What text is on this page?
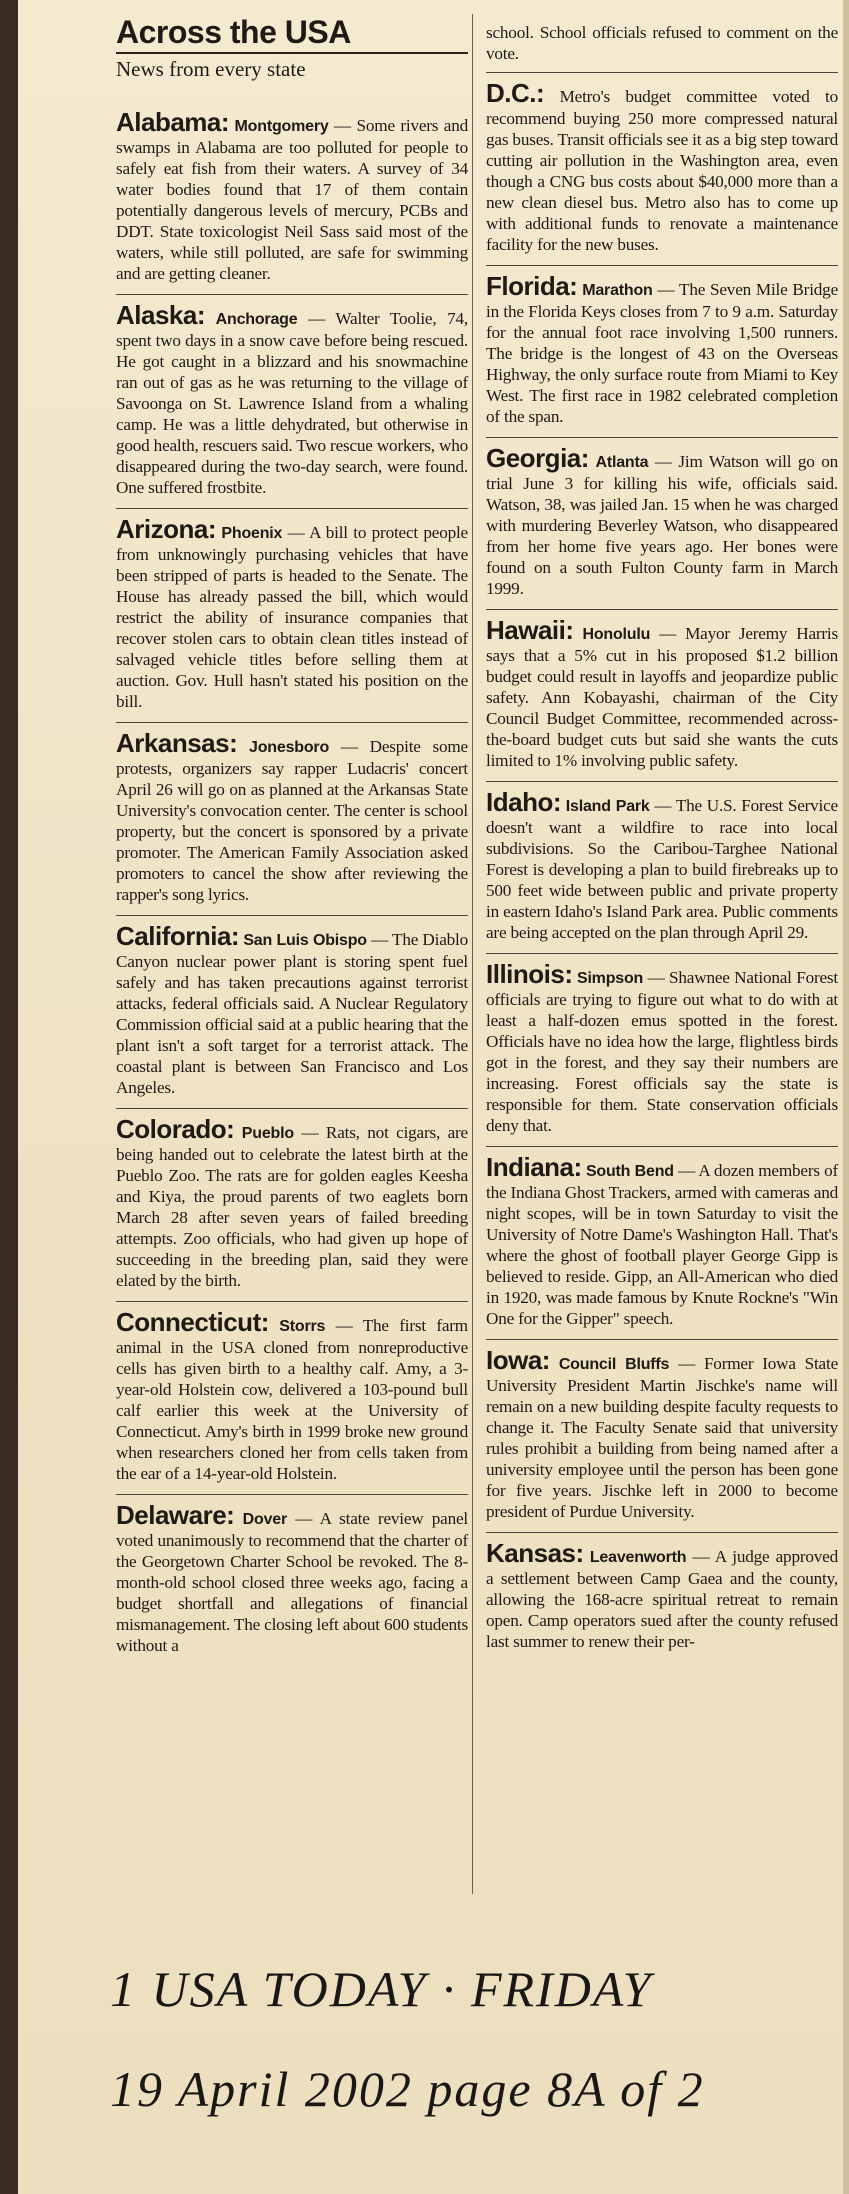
Across the USA
News from every state

Alabama: Montgomery — Some rivers and swamps in Alabama are too polluted for people to safely eat fish from their waters. A survey of 34 water bodies found that 17 of them contain potentially dangerous levels of mercury, PCBs and DDT. State toxicologist Neil Sass said most of the waters, while still polluted, are safe for swimming and are getting cleaner.

Alaska: Anchorage — Walter Toolie, 74, spent two days in a snow cave before being rescued. He got caught in a blizzard and his snowmachine ran out of gas as he was returning to the village of Savoonga on St. Lawrence Island from a whaling camp. He was a little dehydrated, but otherwise in good health, rescuers said. Two rescue workers, who disappeared during the two-day search, were found. One suffered frostbite.

Arizona: Phoenix — A bill to protect people from unknowingly purchasing vehicles that have been stripped of parts is headed to the Senate. The House has already passed the bill, which would restrict the ability of insurance companies that recover stolen cars to obtain clean titles instead of salvaged vehicle titles before selling them at auction. Gov. Hull hasn't stated his position on the bill.

Arkansas: Jonesboro — Despite some protests, organizers say rapper Ludacris' concert April 26 will go on as planned at the Arkansas State University's convocation center. The center is school property, but the concert is sponsored by a private promoter. The American Family Association asked promoters to cancel the show after reviewing the rapper's song lyrics.

California: San Luis Obispo — The Diablo Canyon nuclear power plant is storing spent fuel safely and has taken precautions against terrorist attacks, federal officials said. A Nuclear Regulatory Commission official said at a public hearing that the plant isn't a soft target for a terrorist attack. The coastal plant is between San Francisco and Los Angeles.

Colorado: Pueblo — Rats, not cigars, are being handed out to celebrate the latest birth at the Pueblo Zoo. The rats are for golden eagles Keesha and Kiya, the proud parents of two eaglets born March 28 after seven years of failed breeding attempts. Zoo officials, who had given up hope of succeeding in the breeding plan, said they were elated by the birth.

Connecticut: Storrs — The first farm animal in the USA cloned from nonreproductive cells has given birth to a healthy calf. Amy, a 3-year-old Holstein cow, delivered a 103-pound bull calf earlier this week at the University of Connecticut. Amy's birth in 1999 broke new ground when researchers cloned her from cells taken from the ear of a 14-year-old Holstein.

Delaware: Dover — A state review panel voted unanimously to recommend that the charter of the Georgetown Charter School be revoked. The 8-month-old school closed three weeks ago, facing a budget shortfall and allegations of financial mismanagement. The closing left about 600 students without a

school. School officials refused to comment on the vote.

D.C.: Metro's budget committee voted to recommend buying 250 more compressed natural gas buses. Transit officials see it as a big step toward cutting air pollution in the Washington area, even though a CNG bus costs about $40,000 more than a new clean diesel bus. Metro also has to come up with additional funds to renovate a maintenance facility for the new buses.

Florida: Marathon — The Seven Mile Bridge in the Florida Keys closes from 7 to 9 a.m. Saturday for the annual foot race involving 1,500 runners. The bridge is the longest of 43 on the Overseas Highway, the only surface route from Miami to Key West. The first race in 1982 celebrated completion of the span.

Georgia: Atlanta — Jim Watson will go on trial June 3 for killing his wife, officials said. Watson, 38, was jailed Jan. 15 when he was charged with murdering Beverley Watson, who disappeared from her home five years ago. Her bones were found on a south Fulton County farm in March 1999.

Hawaii: Honolulu — Mayor Jeremy Harris says that a 5% cut in his proposed $1.2 billion budget could result in layoffs and jeopardize public safety. Ann Kobayashi, chairman of the City Council Budget Committee, recommended across-the-board budget cuts but said she wants the cuts limited to 1% involving public safety.

Idaho: Island Park — The U.S. Forest Service doesn't want a wildfire to race into local subdivisions. So the Caribou-Targhee National Forest is developing a plan to build firebreaks up to 500 feet wide between public and private property in eastern Idaho's Island Park area. Public comments are being accepted on the plan through April 29.

Illinois: Simpson — Shawnee National Forest officials are trying to figure out what to do with at least a half-dozen emus spotted in the forest. Officials have no idea how the large, flightless birds got in the forest, and they say their numbers are increasing. Forest officials say the state is responsible for them. State conservation officials deny that.

Indiana: South Bend — A dozen members of the Indiana Ghost Trackers, armed with cameras and night scopes, will be in town Saturday to visit the University of Notre Dame's Washington Hall. That's where the ghost of football player George Gipp is believed to reside. Gipp, an All-American who died in 1920, was made famous by Knute Rockne's "Win One for the Gipper" speech.

Iowa: Council Bluffs — Former Iowa State University President Martin Jischke's name will remain on a new building despite faculty requests to change it. The Faculty Senate said that university rules prohibit a building from being named after a university employee until the person has been gone for five years. Jischke left in 2000 to become president of Purdue University.

Kansas: Leavenworth — A judge approved a settlement between Camp Gaea and the county, allowing the 168-acre spiritual retreat to remain open. Camp operators sued after the county refused last summer to renew their per-

1 USA TODAY · FRIDAY
19 April 2002 page 8A of 2
